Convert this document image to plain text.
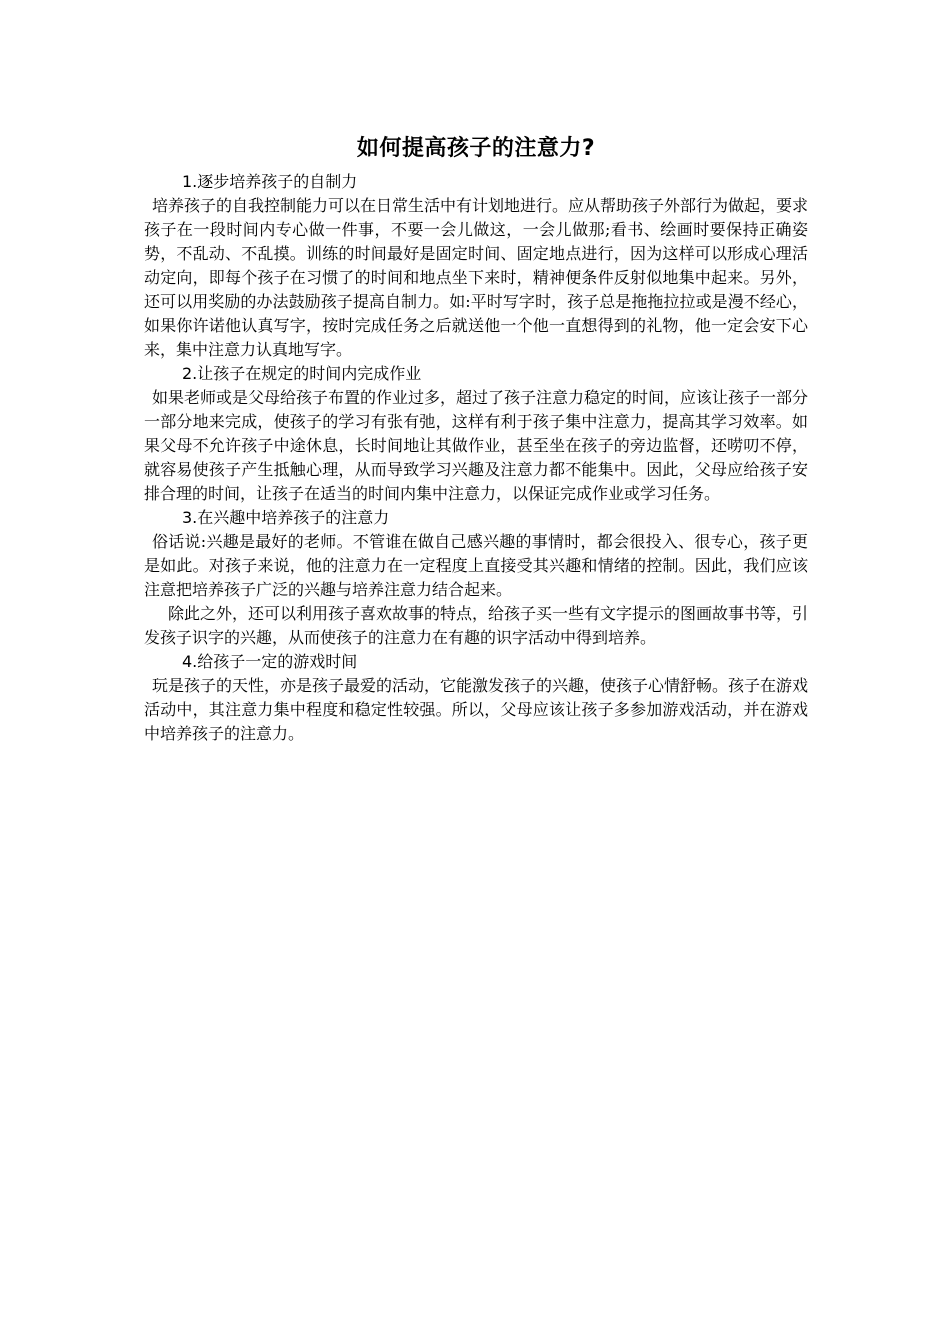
如何提高孩子的注意力?

1.逐步培养孩子的自制力

培养孩子的自我控制能力可以在日常生活中有计划地进行。应从帮助孩子外部行为做起，要求孩子在一段时间内专心做一件事，不要一会儿做这，一会儿做那;看书、绘画时要保持正确姿势，不乱动、不乱摸。训练的时间最好是固定时间、固定地点进行，因为这样可以形成心理活动定向，即每个孩子在习惯了的时间和地点坐下来时，精神便条件反射似地集中起来。另外，还可以用奖励的办法鼓励孩子提高自制力。如:平时写字时，孩子总是拖拖拉拉或是漫不经心，如果你许诺他认真写字，按时完成任务之后就送他一个他一直想得到的礼物，他一定会安下心来，集中注意力认真地写字。

2.让孩子在规定的时间内完成作业

如果老师或是父母给孩子布置的作业过多，超过了孩子注意力稳定的时间，应该让孩子一部分一部分地来完成，使孩子的学习有张有弛，这样有利于孩子集中注意力，提高其学习效率。如果父母不允许孩子中途休息，长时间地让其做作业，甚至坐在孩子的旁边监督，还唠叨不停，就容易使孩子产生抵触心理，从而导致学习兴趣及注意力都不能集中。因此，父母应给孩子安排合理的时间，让孩子在适当的时间内集中注意力，以保证完成作业或学习任务。

3.在兴趣中培养孩子的注意力

俗话说:兴趣是最好的老师。不管谁在做自己感兴趣的事情时，都会很投入、很专心，孩子更是如此。对孩子来说，他的注意力在一定程度上直接受其兴趣和情绪的控制。因此，我们应该注意把培养孩子广泛的兴趣与培养注意力结合起来。

除此之外，还可以利用孩子喜欢故事的特点，给孩子买一些有文字提示的图画故事书等，引发孩子识字的兴趣，从而使孩子的注意力在有趣的识字活动中得到培养。

4.给孩子一定的游戏时间

玩是孩子的天性，亦是孩子最爱的活动，它能激发孩子的兴趣，使孩子心情舒畅。孩子在游戏活动中，其注意力集中程度和稳定性较强。所以，父母应该让孩子多参加游戏活动，并在游戏中培养孩子的注意力。
